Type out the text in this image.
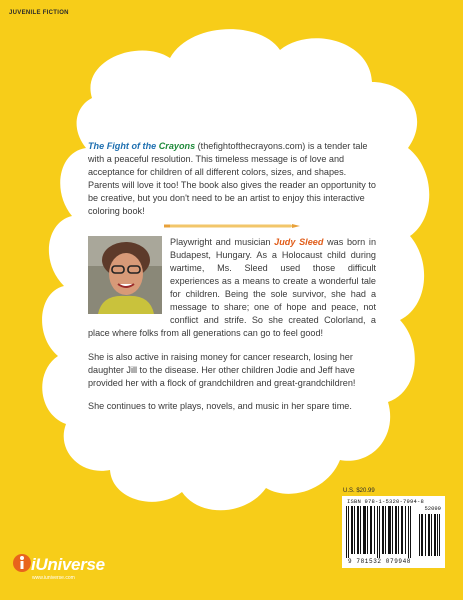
JUVENILE FICTION

The Fight of the Crayons (thefightofthecrayons.com) is a tender tale with a peaceful resolution. This timeless message is of love and acceptance for children of all different colors, sizes, and shapes. Parents will love it too! The book also gives the reader an opportunity to be creative, but you don't need to be an artist to enjoy this interactive coloring book!

Playwright and musician Judy Sleed was born in Budapest, Hungary. As a Holocaust child during wartime, Ms. Sleed used those difficult experiences as a means to create a wonderful tale for children. Being the sole survivor, she had a message to share; one of hope and peace, not conflict and strife. So she created Colorland, a place where folks from all generations can go to feel good!

She is also active in raising money for cancer research, losing her daughter Jill to the disease. Her other children Jodie and Jeff have provided her with a flock of grandchildren and great-grandchildren!

She continues to write plays, novels, and music in her spare time.

U.S. $20.99
ISBN 978-1-5320-7994-8
52099
9 781532 079948
iUniverse
www.iuniverse.com
